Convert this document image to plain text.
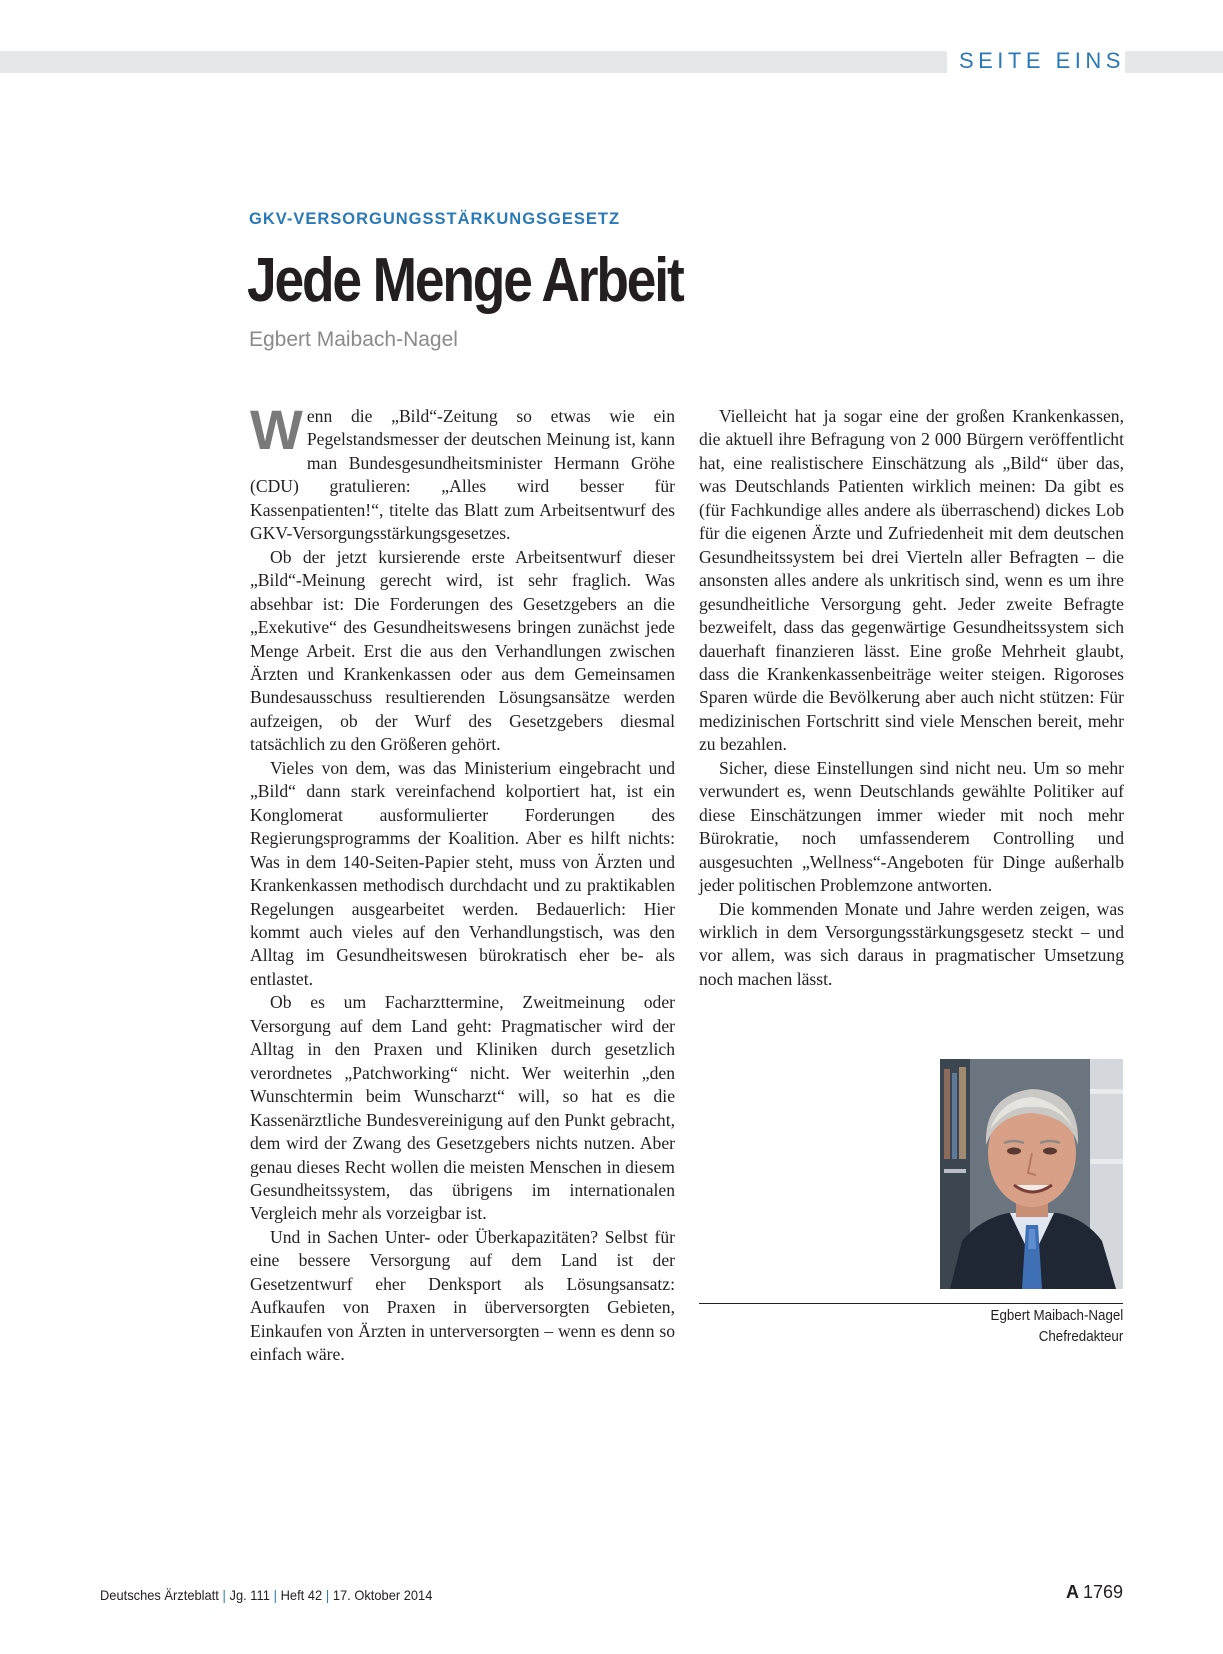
SEITE EINS
GKV-VERSORGUNGSSTÄRKUNGSGESETZ
Jede Menge Arbeit
Egbert Maibach-Nagel

Wenn die „Bild“-Zeitung so etwas wie ein Pegelstandsmesser der deutschen Meinung ist, kann man Bundesgesundheitsminister Hermann Gröhe (CDU) gratulieren: „Alles wird besser für Kassenpatienten!“, titelte das Blatt zum Arbeitsentwurf des GKV-Versorgungsstärkungsgesetzes.

Ob der jetzt kursierende erste Arbeitsentwurf dieser „Bild“-Meinung gerecht wird, ist sehr fraglich. Was absehbar ist: Die Forderungen des Gesetzgebers an die „Exekutive“ des Gesundheitswesens bringen zunächst jede Menge Arbeit. Erst die aus den Verhandlungen zwischen Ärzten und Krankenkassen oder aus dem Gemeinsamen Bundesausschuss resultierenden Lösungsansätze werden aufzeigen, ob der Wurf des Gesetzgebers diesmal tatsächlich zu den Größeren gehört.

Vieles von dem, was das Ministerium eingebracht und „Bild“ dann stark vereinfachend kolportiert hat, ist ein Konglomerat ausformulierter Forderungen des Regierungsprogramms der Koalition. Aber es hilft nichts: Was in dem 140-Seiten-Papier steht, muss von Ärzten und Krankenkassen methodisch durchdacht und zu praktikablen Regelungen ausgearbeitet werden. Bedauerlich: Hier kommt auch vieles auf den Verhandlungstisch, was den Alltag im Gesundheitswesen bürokratisch eher be- als entlastet.

Ob es um Facharzttermine, Zweitmeinung oder Versorgung auf dem Land geht: Pragmatischer wird der Alltag in den Praxen und Kliniken durch gesetzlich verordnetes „Patchworking“ nicht. Wer weiterhin „den Wunschtermin beim Wunscharzt“ will, so hat es die Kassenärztliche Bundesvereinigung auf den Punkt gebracht, dem wird der Zwang des Gesetzgebers nichts nutzen. Aber genau dieses Recht wollen die meisten Menschen in diesem Gesundheitssystem, das übrigens im internationalen Vergleich mehr als vorzeigbar ist.

Und in Sachen Unter- oder Überkapazitäten? Selbst für eine bessere Versorgung auf dem Land ist der Gesetzentwurf eher Denksport als Lösungsansatz: Aufkaufen von Praxen in überversorgten Gebieten, Einkaufen von Ärzten in unterversorgten – wenn es denn so einfach wäre.

Vielleicht hat ja sogar eine der großen Krankenkassen, die aktuell ihre Befragung von 2 000 Bürgern veröffentlicht hat, eine realistischere Einschätzung als „Bild“ über das, was Deutschlands Patienten wirklich meinen: Da gibt es (für Fachkundige alles andere als überraschend) dickes Lob für die eigenen Ärzte und Zufriedenheit mit dem deutschen Gesundheitssystem bei drei Vierteln aller Befragten – die ansonsten alles andere als unkritisch sind, wenn es um ihre gesundheitliche Versorgung geht. Jeder zweite Befragte bezweifelt, dass das gegenwärtige Gesundheitssystem sich dauerhaft finanzieren lässt. Eine große Mehrheit glaubt, dass die Krankenkassenbeiträge weiter steigen. Rigoroses Sparen würde die Bevölkerung aber auch nicht stützen: Für medizinischen Fortschritt sind viele Menschen bereit, mehr zu bezahlen.

Sicher, diese Einstellungen sind nicht neu. Um so mehr verwundert es, wenn Deutschlands gewählte Politiker auf diese Einschätzungen immer wieder mit noch mehr Bürokratie, noch umfassenderem Controlling und ausgesuchten „Wellness“-Angeboten für Dinge außerhalb jeder politischen Problemzone antworten.

Die kommenden Monate und Jahre werden zeigen, was wirklich in dem Versorgungsstärkungsgesetz steckt – und vor allem, was sich daraus in pragmatischer Umsetzung noch machen lässt.

Egbert Maibach-Nagel
Chefredakteur
Deutsches Ärzteblatt | Jg. 111 | Heft 42 | 17. Oktober 2014	A 1769
